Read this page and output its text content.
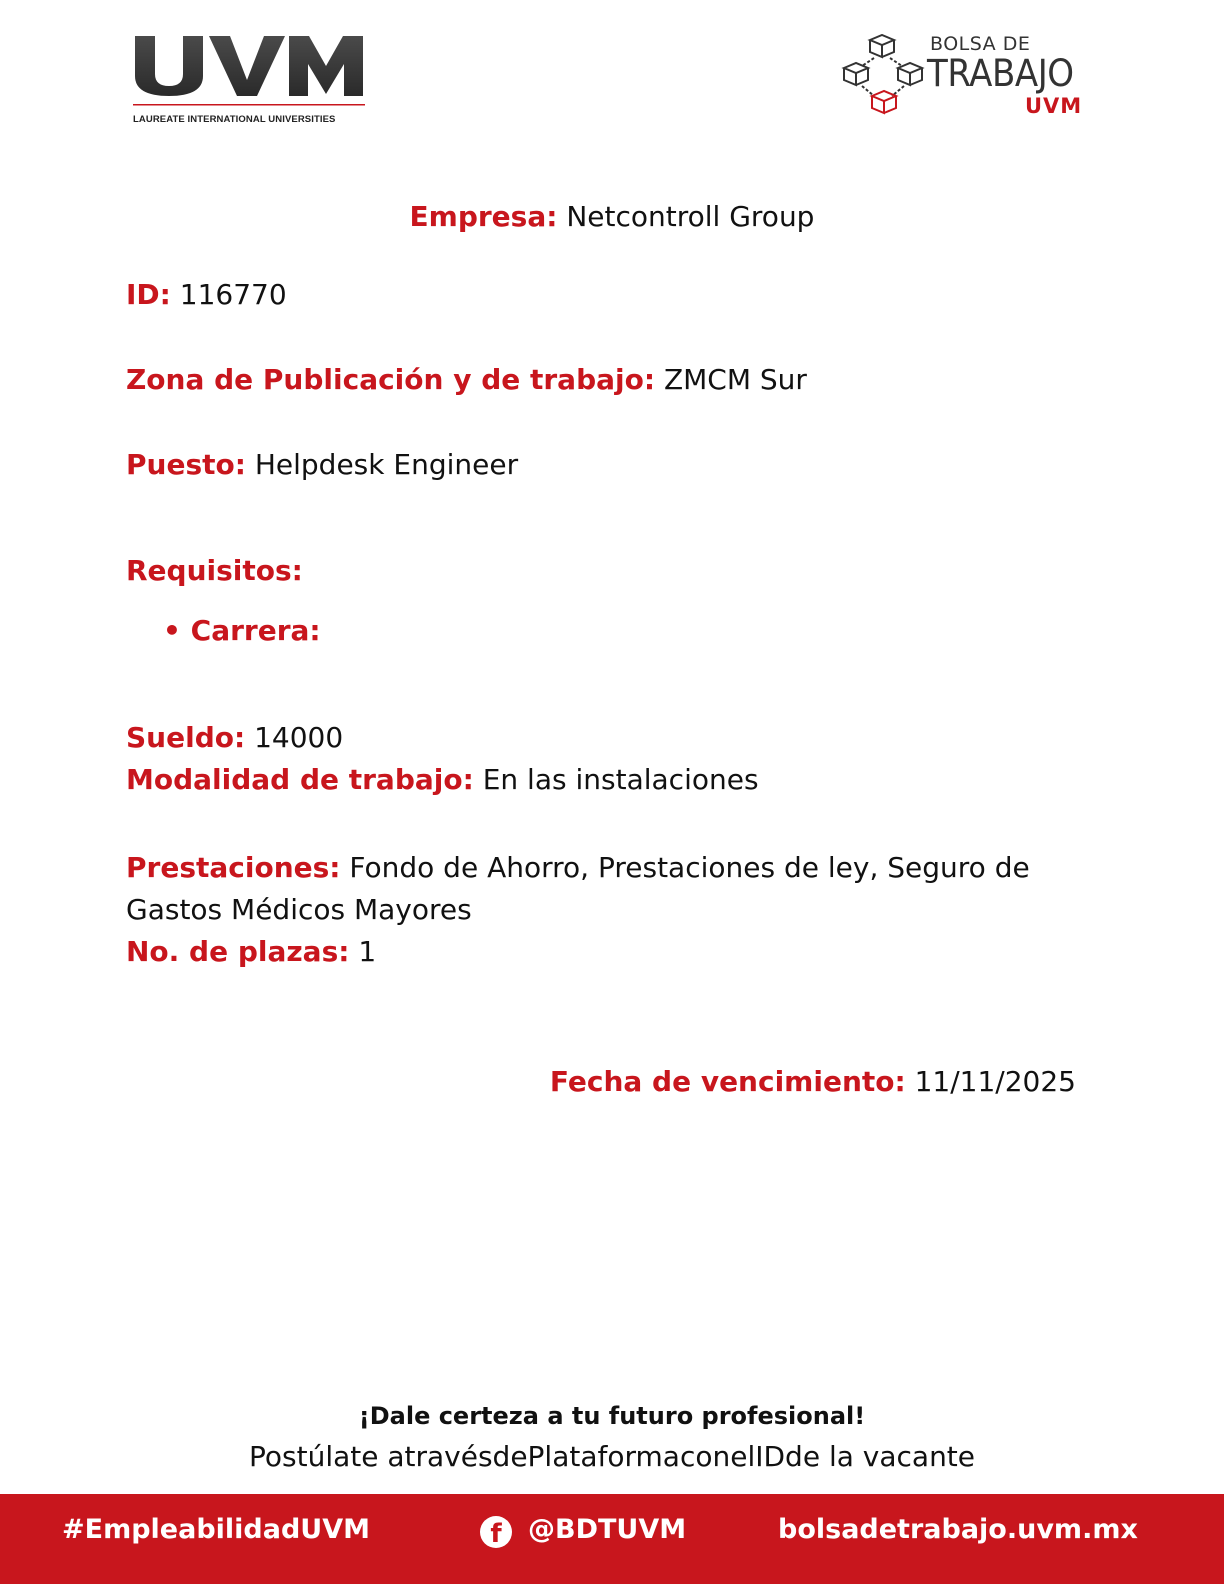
LAUREATE INTERNATIONAL UNIVERSITIES
BOLSA DE
TRABAJO
UVM
Empresa: Netcontroll Group
ID: 116770
Zona de Publicación y de trabajo: ZMCM Sur
Puesto: Helpdesk Engineer
Requisitos:
• Carrera:
Sueldo: 14000
Modalidad de trabajo: En las instalaciones
Prestaciones: Fondo de Ahorro, Prestaciones de ley, Seguro de Gastos Médicos Mayores
No. de plazas: 1
Fecha de vencimiento: 11/11/2025
¡Dale certeza a tu futuro profesional!
Postúlate atravésdePlataformaconelIDde la vacante
#EmpleabilidadUVM	f @BDTUVM	bolsadetrabajo.uvm.mx
